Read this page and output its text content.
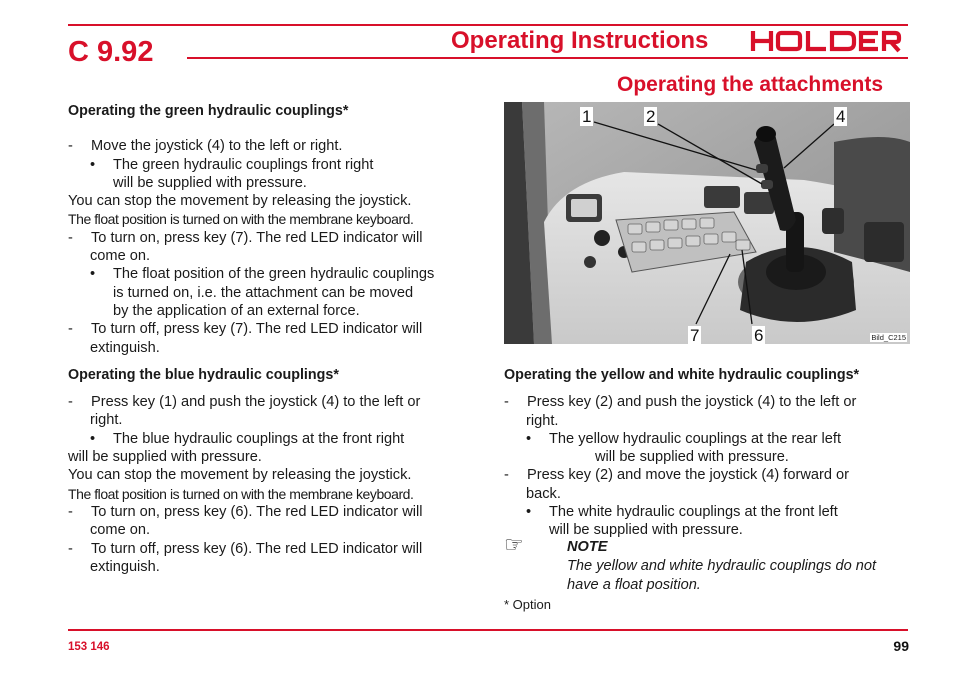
C 9.92	Operating Instructions
Operating the attachments
Operating the green hydraulic couplings*
- Move the joystick (4) to the left or right.
• The green hydraulic couplings front right
will be supplied with pressure.
You can stop the movement by releasing the joystick.
The float position is turned on with the membrane keyboard.
- To turn on, press key (7). The red LED indicator will
come on.
• The float position of the green hydraulic couplings
is turned on, i.e. the attachment can be moved
by the application of an external force.
- To turn off, press key (7). The red LED indicator will
extinguish.
Operating the blue hydraulic couplings*
- Press key (1) and push the joystick (4) to the left or
right.
• The blue hydraulic couplings at the front right
will be supplied with pressure.
You can stop the movement by releasing the joystick.
The float position is turned on with the membrane keyboard.
- To turn on, press key (6). The red LED indicator will
come on.
- To turn off, press key (6). The red LED indicator will
extinguish.
1	2	4
7	6	Bild_C215
Operating the yellow and white hydraulic couplings*
- Press key (2) and push the joystick (4) to the left or
right.
• The yellow hydraulic couplings at the rear left
will be supplied with pressure.
- Press key (2) and move the joystick (4) forward or
back.
• The white hydraulic couplings at the front left
will be supplied with pressure.
☞	NOTE
The yellow and white hydraulic couplings do not
have a float position.
* Option
153 146	99
